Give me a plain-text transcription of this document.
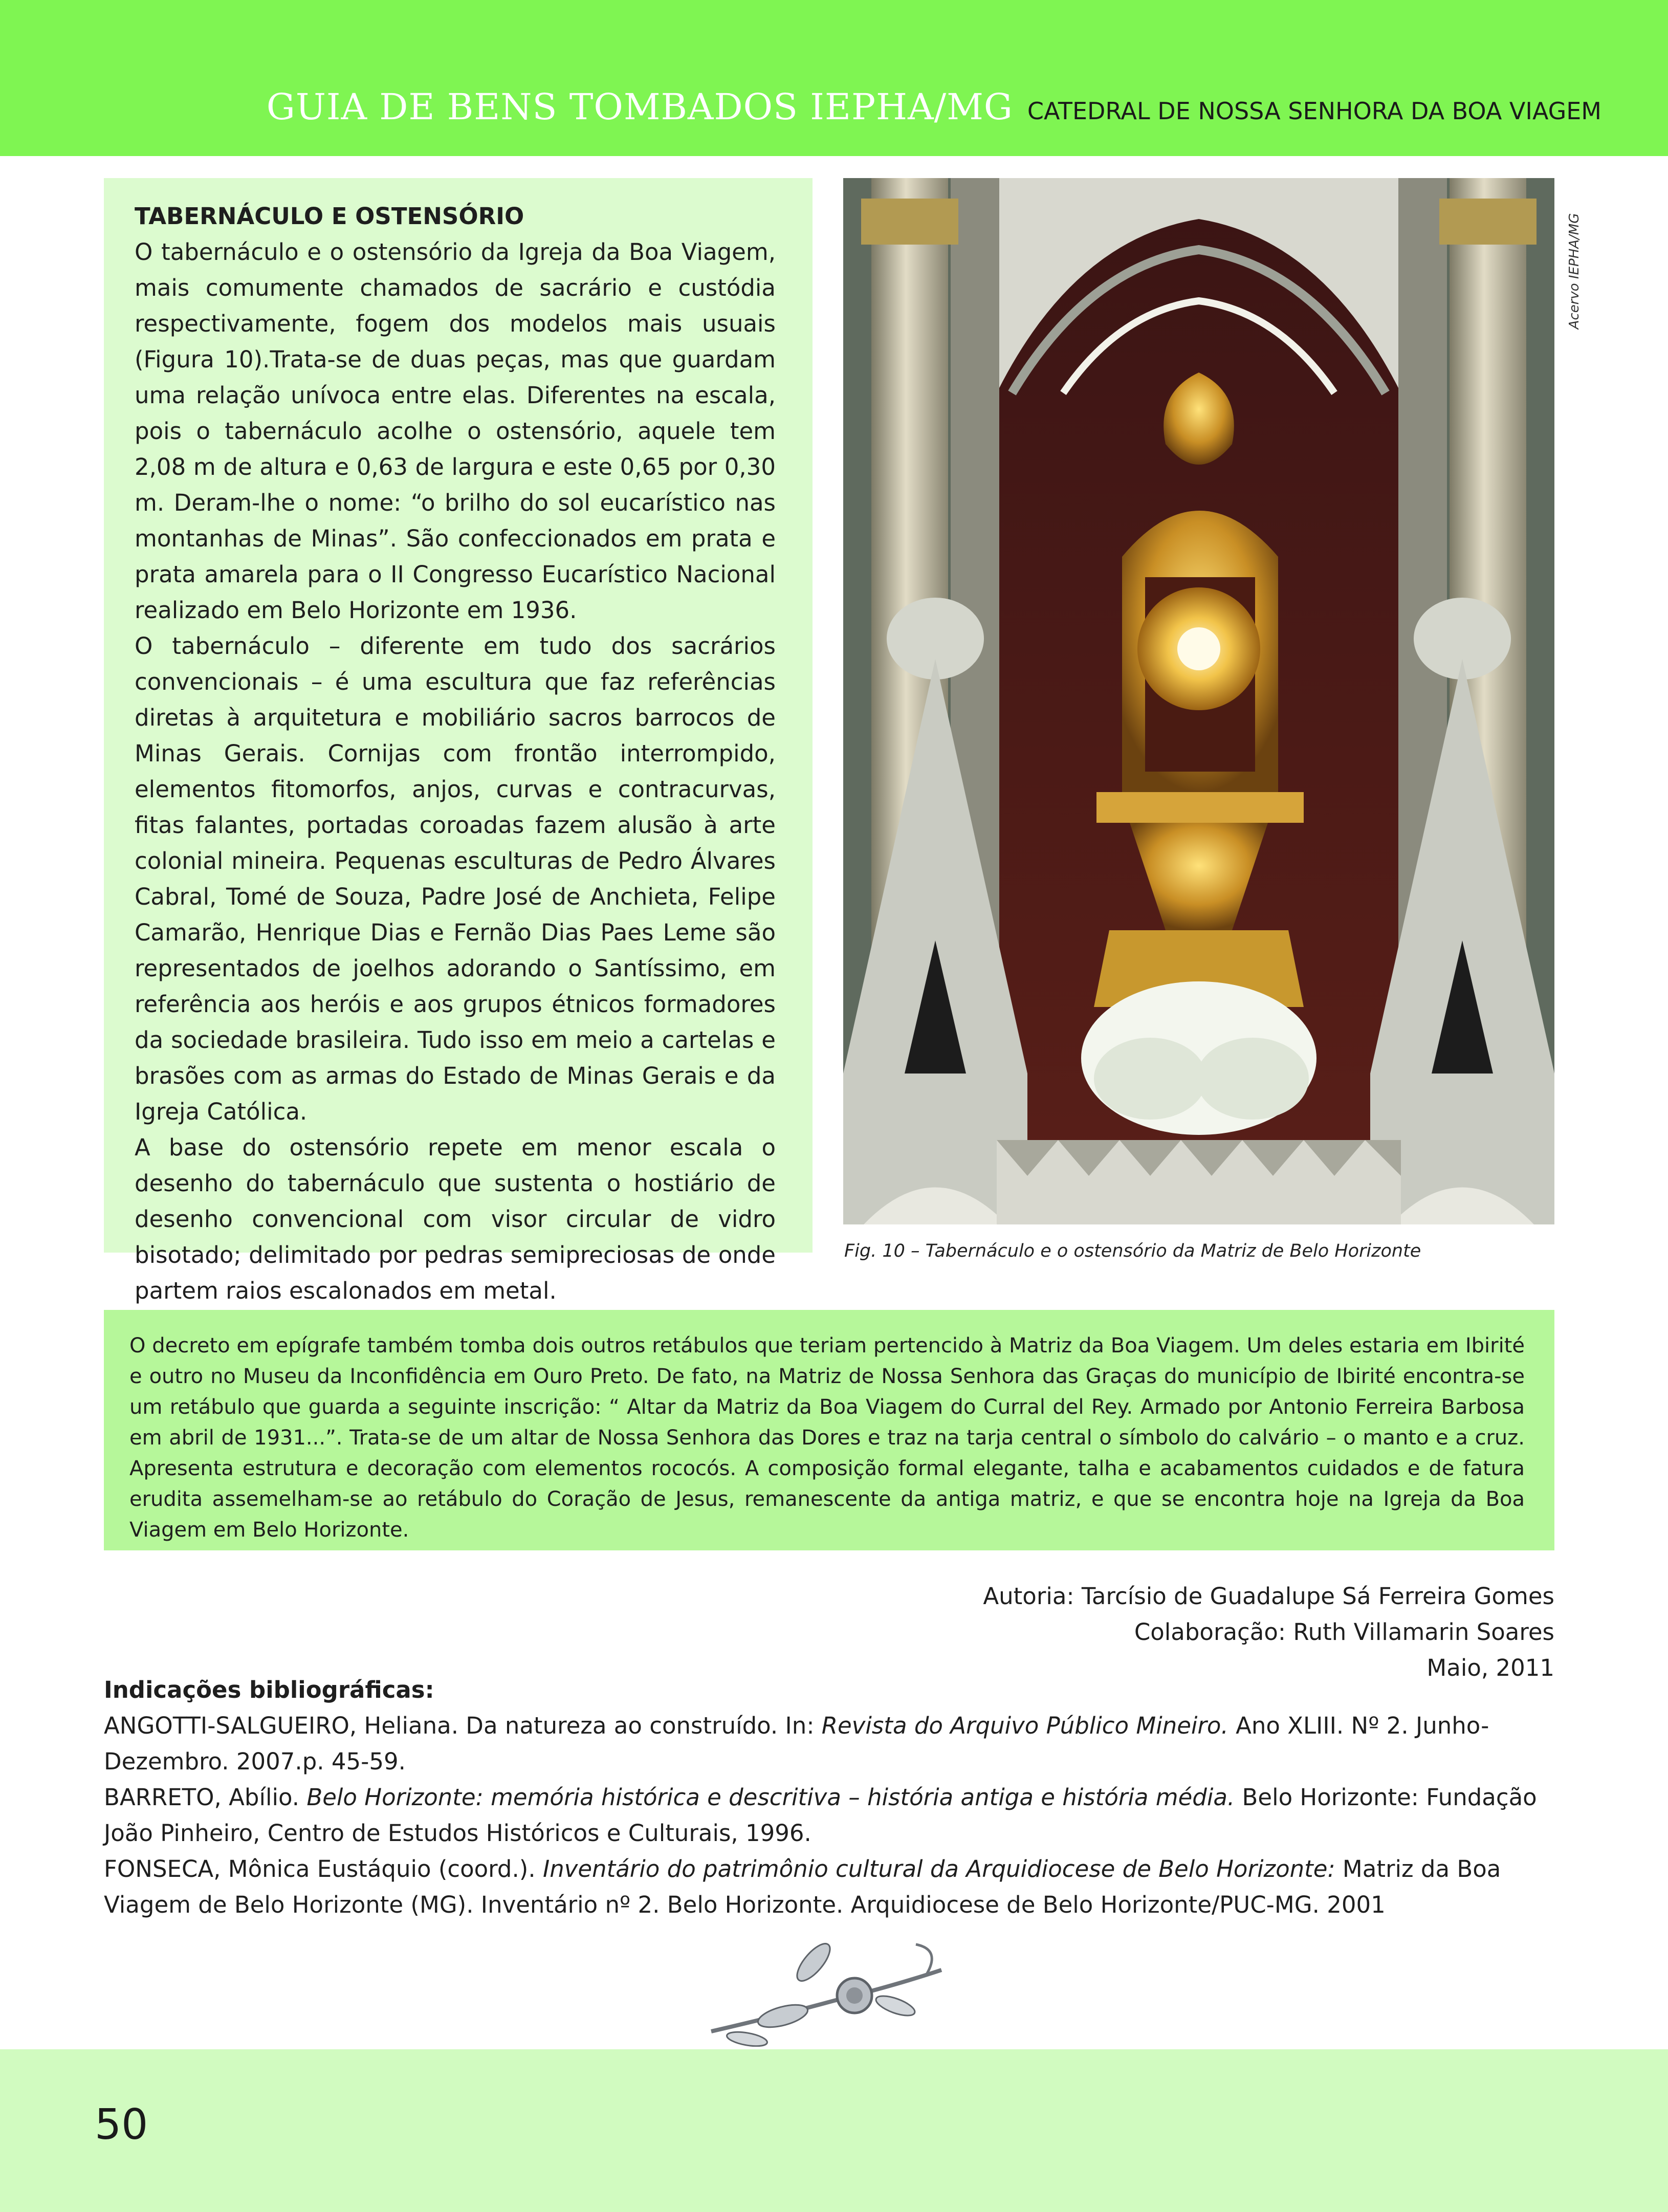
GUIA DE BENS TOMBADOS IEPHA/MG CATEDRAL DE NOSSA SENHORA DA BOA VIAGEM
TABERNÁCULO E OSTENSÓRIO

O tabernáculo e o ostensório da Igreja da Boa Viagem, mais comumente chamados de sacrário e custódia respectivamente, fogem dos modelos mais usuais (Figura 10).Trata-se de duas peças, mas que guardam uma relação unívoca entre elas. Diferentes na escala, pois o tabernáculo acolhe o ostensório, aquele tem 2,08 m de altura e 0,63 de largura e este 0,65 por 0,30 m. Deram-lhe o nome: “o brilho do sol eucarístico nas montanhas de Minas”. São confeccionados em prata e prata amarela para o II Congresso Eucarístico Nacional realizado em Belo Horizonte em 1936.

O tabernáculo – diferente em tudo dos sacrários convencionais – é uma escultura que faz referências diretas à arquitetura e mobiliário sacros barrocos de Minas Gerais. Cornijas com frontão interrompido, elementos fitomorfos, anjos, curvas e contracurvas, fitas falantes, portadas coroadas fazem alusão à arte colonial mineira. Pequenas esculturas de Pedro Álvares Cabral, Tomé de Souza, Padre José de Anchieta, Felipe Camarão, Henrique Dias e Fernão Dias Paes Leme são representados de joelhos adorando o Santíssimo, em referência aos heróis e aos grupos étnicos formadores da sociedade brasileira. Tudo isso em meio a cartelas e brasões com as armas do Estado de Minas Gerais e da Igreja Católica.

A base do ostensório repete em menor escala o desenho do tabernáculo que sustenta o hostiário de desenho convencional com visor circular de vidro bisotado; delimitado por pedras semipreciosas de onde partem raios escalonados em metal.

Acervo IEPHA/MG
Fig. 10 – Tabernáculo e o ostensório da Matriz de Belo Horizonte

O decreto em epígrafe também tomba dois outros retábulos que teriam pertencido à Matriz da Boa Viagem. Um deles estaria em Ibirité e outro no Museu da Inconfidência em Ouro Preto. De fato, na Matriz de Nossa Senhora das Graças do município de Ibirité encontra-se um retábulo que guarda a seguinte inscrição: “ Altar da Matriz da Boa Viagem do Curral del Rey. Armado por Antonio Ferreira Barbosa em abril de 1931...”. Trata-se de um altar de Nossa Senhora das Dores e traz na tarja central o símbolo do calvário – o manto e a cruz. Apresenta estrutura e decoração com elementos rococós. A composição formal elegante, talha e acabamentos cuidados e de fatura erudita assemelham-se ao retábulo do Coração de Jesus, remanescente da antiga matriz, e que se encontra hoje na Igreja da Boa Viagem em Belo Horizonte.

Autoria: Tarcísio de Guadalupe Sá Ferreira Gomes
Colaboração: Ruth Villamarin Soares
Maio, 2011
Indicações bibliográficas:

ANGOTTI-SALGUEIRO, Heliana. Da natureza ao construído. In: Revista do Arquivo Público Mineiro. Ano XLIII. Nº 2. Junho-Dezembro. 2007.p. 45-59.

BARRETO, Abílio. Belo Horizonte: memória histórica e descritiva – história antiga e história média. Belo Horizonte: Fundação João Pinheiro, Centro de Estudos Históricos e Culturais, 1996.

FONSECA, Mônica Eustáquio (coord.). Inventário do patrimônio cultural da Arquidiocese de Belo Horizonte: Matriz da Boa Viagem de Belo Horizonte (MG). Inventário nº 2. Belo Horizonte. Arquidiocese de Belo Horizonte/PUC-MG. 2001

50
